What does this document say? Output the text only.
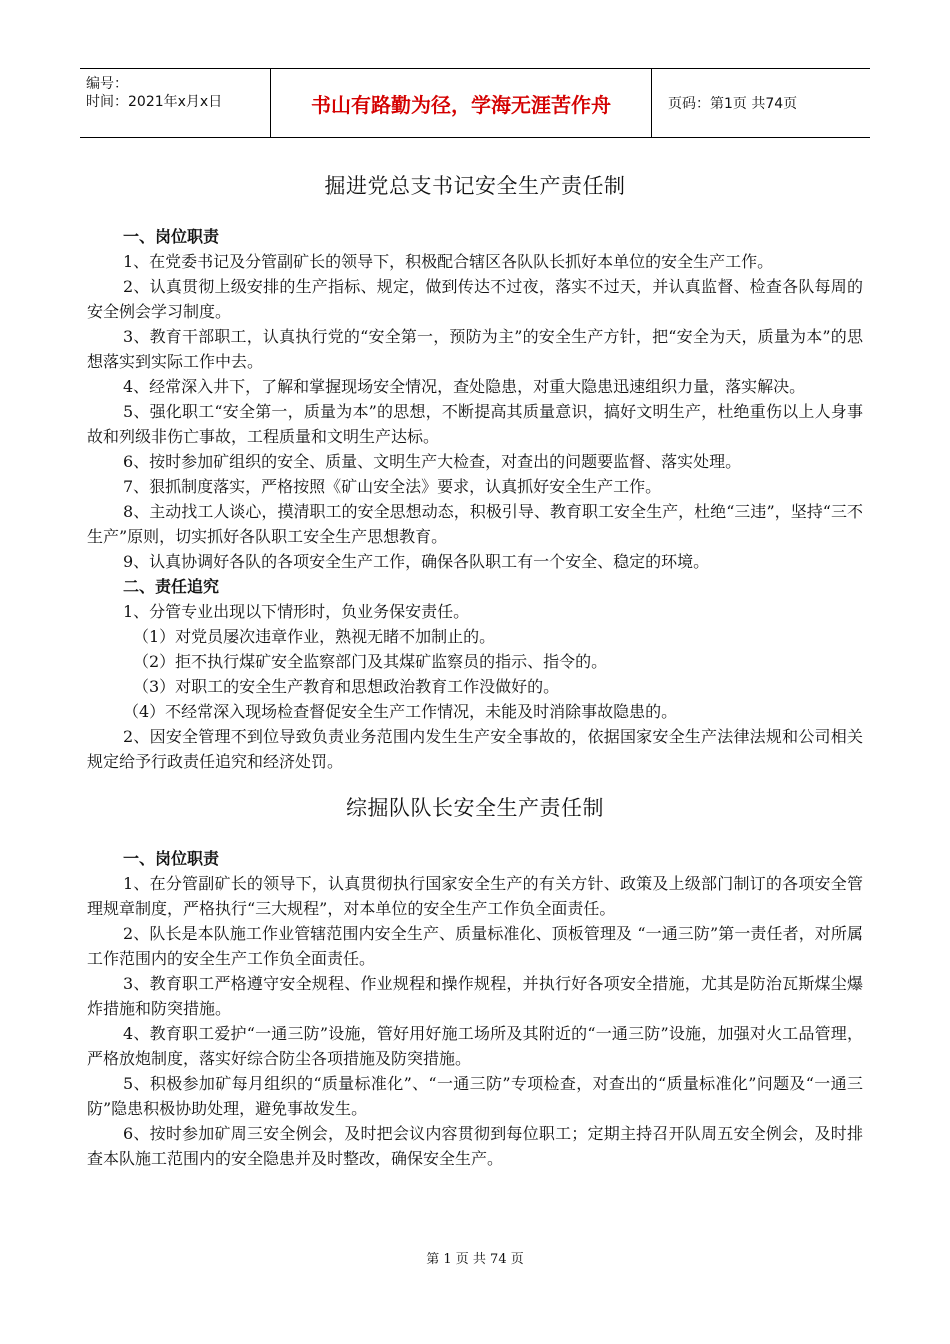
编号：
时间：2021年x月x日	书山有路勤为径，学海无涯苦作舟	页码：第1页 共74页
掘进党总支书记安全生产责任制
一、岗位职责

1、在党委书记及分管副矿长的领导下，积极配合辖区各队队长抓好本单位的安全生产工作。

2、认真贯彻上级安排的生产指标、规定，做到传达不过夜，落实不过天，并认真监督、检查各队每周的安全例会学习制度。

3、教育干部职工，认真执行党的“安全第一，预防为主”的安全生产方针，把“安全为天，质量为本”的思想落实到实际工作中去。

4、经常深入井下，了解和掌握现场安全情况，查处隐患，对重大隐患迅速组织力量，落实解决。

5、强化职工“安全第一，质量为本”的思想，不断提高其质量意识，搞好文明生产，杜绝重伤以上人身事故和列级非伤亡事故，工程质量和文明生产达标。

6、按时参加矿组织的安全、质量、文明生产大检查，对查出的问题要监督、落实处理。

7、狠抓制度落实，严格按照《矿山安全法》要求，认真抓好安全生产工作。

8、主动找工人谈心，摸清职工的安全思想动态，积极引导、教育职工安全生产，杜绝“三违”，坚持“三不生产”原则，切实抓好各队职工安全生产思想教育。

9、认真协调好各队的各项安全生产工作，确保各队职工有一个安全、稳定的环境。

二、责任追究

1、分管专业出现以下情形时，负业务保安责任。

（1）对党员屡次违章作业，熟视无睹不加制止的。

（2）拒不执行煤矿安全监察部门及其煤矿监察员的指示、指令的。

（3）对职工的安全生产教育和思想政治教育工作没做好的。

（4）不经常深入现场检查督促安全生产工作情况，未能及时消除事故隐患的。

2、因安全管理不到位导致负责业务范围内发生生产安全事故的，依据国家安全生产法律法规和公司相关规定给予行政责任追究和经济处罚。

综掘队队长安全生产责任制
一、岗位职责

1、在分管副矿长的领导下，认真贯彻执行国家安全生产的有关方针、政策及上级部门制订的各项安全管理规章制度，严格执行“三大规程”，对本单位的安全生产工作负全面责任。

2、队长是本队施工作业管辖范围内安全生产、质量标准化、顶板管理及 “一通三防”第一责任者，对所属工作范围内的安全生产工作负全面责任。

3、教育职工严格遵守安全规程、作业规程和操作规程，并执行好各项安全措施，尤其是防治瓦斯煤尘爆炸措施和防突措施。

4、教育职工爱护“一通三防”设施，管好用好施工场所及其附近的“一通三防”设施，加强对火工品管理，严格放炮制度，落实好综合防尘各项措施及防突措施。

5、积极参加矿每月组织的“质量标准化”、“一通三防”专项检查，对查出的“质量标准化”问题及“一通三防”隐患积极协助处理，避免事故发生。

6、按时参加矿周三安全例会，及时把会议内容贯彻到每位职工；定期主持召开队周五安全例会，及时排查本队施工范围内的安全隐患并及时整改，确保安全生产。

第 1 页 共 74 页
